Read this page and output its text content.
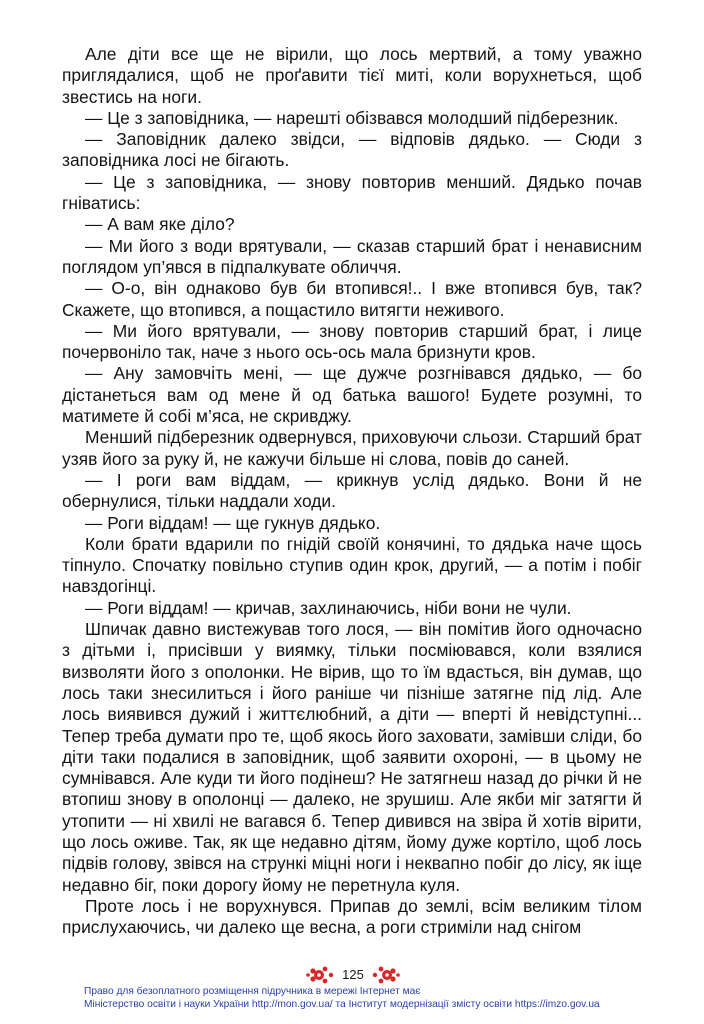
Але діти все ще не вірили, що лось мертвий, а тому уважно приглядалися, щоб не проґавити тієї миті, коли ворухнеться, щоб звестись на ноги.

— Це з заповідника, — нарешті обізвався молодший підберезник.

— Заповідник далеко звідси, — відповів дядько. — Сюди з заповідника лосі не бігають.

— Це з заповідника, — знову повторив менший. Дядько почав гніватись:

— А вам яке діло?

— Ми його з води врятували, — сказав старший брат і ненависним поглядом уп’явся в підпалкувате обличчя.

— О-о, він однаково був би втопився!.. І вже втопився був, так? Скажете, що втопився, а пощастило витягти неживого.

— Ми його врятували, — знову повторив старший брат, і лице почервоніло так, наче з нього ось-ось мала бризнути кров.

— Ану замовчіть мені, — ще дужче розгнівався дядько, — бо дістанеться вам од мене й од батька вашого! Будете розумні, то матимете й собі м’яса, не скривджу.

Менший підберезник одвернувся, приховуючи сльози. Старший брат узяв його за руку й, не кажучи більше ні слова, повів до саней.

— І роги вам віддам, — крикнув услід дядько. Вони й не обернулися, тільки наддали ходи.

— Роги віддам! — ще гукнув дядько.

Коли брати вдарили по гнідій своїй конячині, то дядька наче щось тіпнуло. Спочатку повільно ступив один крок, другий, — а потім і побіг навздогінці.

— Роги віддам! — кричав, захлинаючись, ніби вони не чули.

Шпичак давно вистежував того лося, — він помітив його одночасно з дітьми і, присівши у виямку, тільки посміювався, коли взялися визволяти його з ополонки. Не вірив, що то їм вдасться, він думав, що лось таки знесилиться і його раніше чи пізніше затягне під лід. Але лось виявився дужий і життєлюбний, а діти — вперті й невідступні... Тепер треба думати про те, щоб якось його заховати, замівши сліди, бо діти таки подалися в заповідник, щоб заявити охороні, — в цьому не сумнівався. Але куди ти його подінеш? Не затягнеш назад до річки й не втопиш знову в ополонці — далеко, не зрушиш. Але якби міг затягти й утопити — ні хвилі не вагався б. Тепер дивився на звіра й хотів вірити, що лось оживе. Так, як ще недавно дітям, йому дуже кортіло, щоб лось підвів голову, звівся на стрункі міцні ноги і неквапно побіг до лісу, як іще недавно біг, поки дорогу йому не перетнула куля.

Проте лось і не ворухнувся. Припав до землі, всім великим тілом прислухаючись, чи далеко ще весна, а роги стриміли над снігом

125
Право для безоплатного розміщення підручника в мережі Інтернет має
Міністерство освіти і науки України http://mon.gov.ua/ та Інститут модернізації змісту освіти https://imzo.gov.ua
